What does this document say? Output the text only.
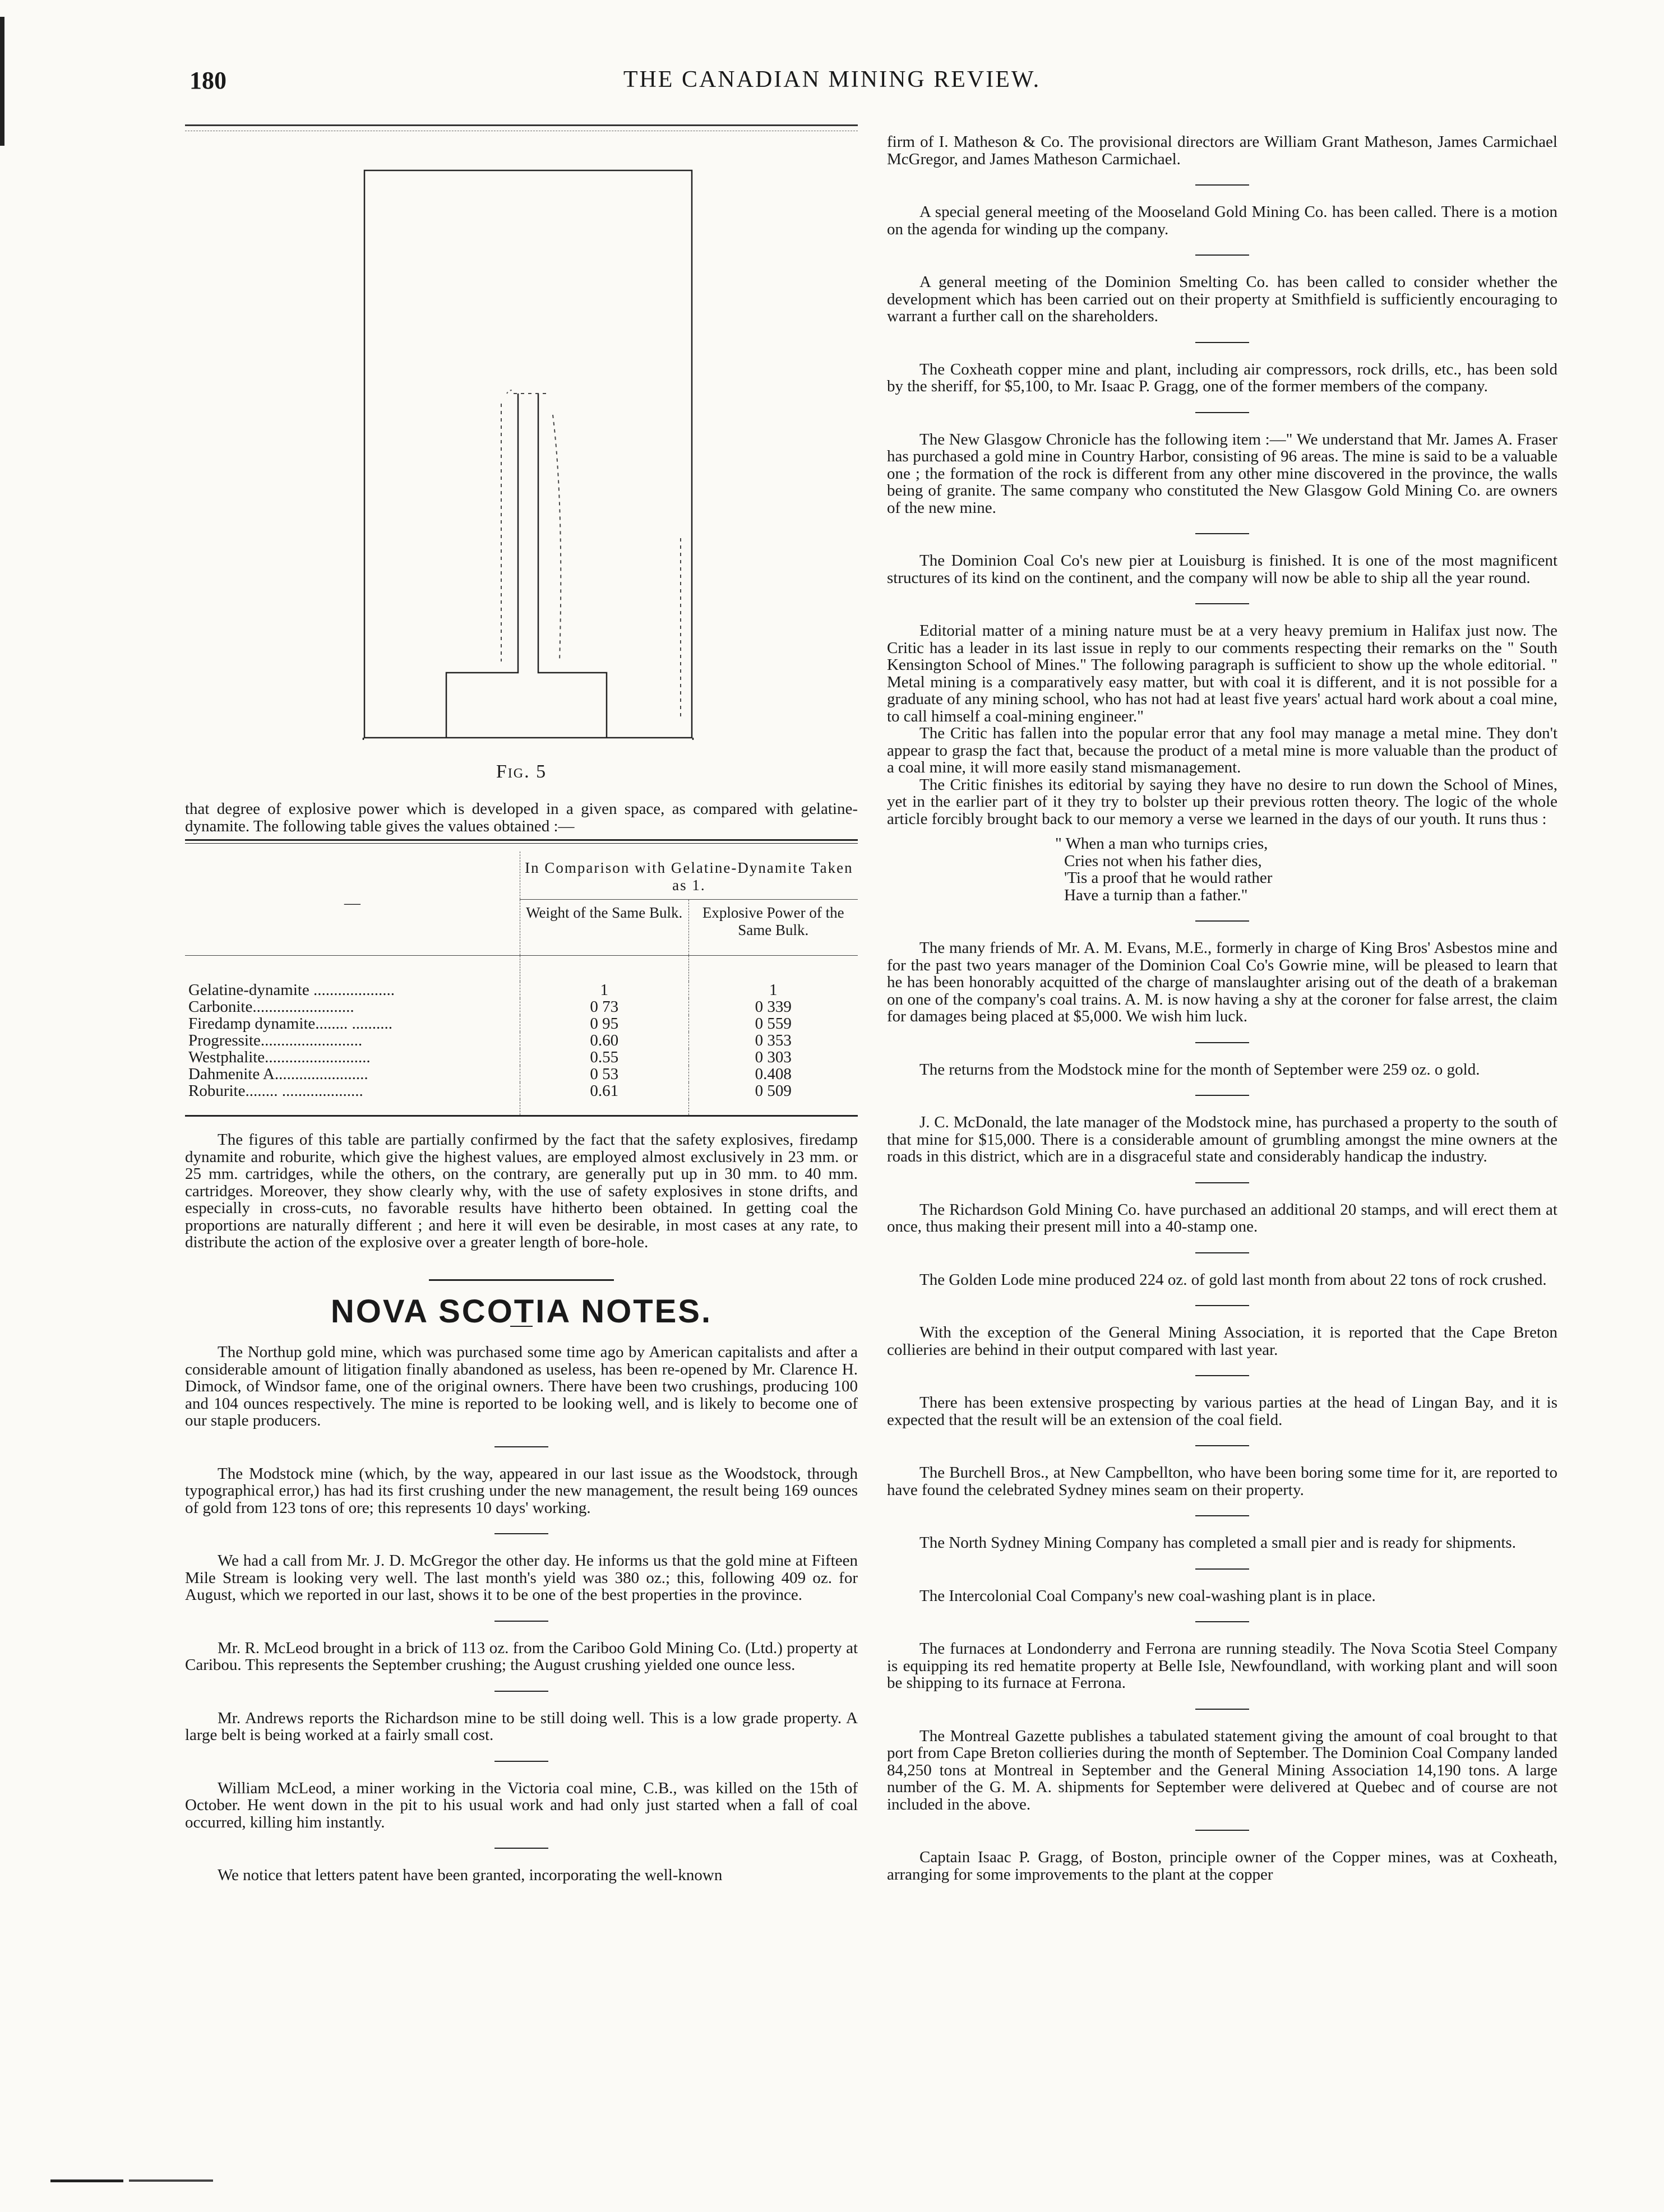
180	THE CANADIAN MINING REVIEW.
Fig. 5

that degree of explosive power which is developed in a given space, as compared with gelatine-dynamite. The following table gives the values obtained :—

—	In Comparison with Gelatine-Dynamite Taken as 1.	
	Weight of the Same Bulk.	Explosive Power of the Same Bulk.

Gelatine-dynamite ....................	1	1
Carbonite.........................	0 73	0 339
Firedamp dynamite........ ..........	0 95	0 559
Progressite.........................	0.60	0 353
Westphalite..........................	0.55	0 303
Dahmenite A.......................	0 53	0.408
Roburite........ ....................	0.61	0 509

The figures of this table are partially confirmed by the fact that the safety explosives, firedamp dynamite and roburite, which give the highest values, are employed almost exclusively in 23 mm. or 25 mm. cartridges, while the others, on the contrary, are generally put up in 30 mm. to 40 mm. cartridges. Moreover, they show clearly why, with the use of safety explosives in stone drifts, and especially in cross-cuts, no favorable results have hitherto been obtained. In getting coal the proportions are naturally different ; and here it will even be desirable, in most cases at any rate, to distribute the action of the explosive over a greater length of bore-hole.

NOVA SCOTIA NOTES.

The Northup gold mine, which was purchased some time ago by American capitalists and after a considerable amount of litigation finally abandoned as useless, has been re-opened by Mr. Clarence H. Dimock, of Windsor fame, one of the original owners. There have been two crushings, producing 100 and 104 ounces respectively. The mine is reported to be looking well, and is likely to become one of our staple producers.

The Modstock mine (which, by the way, appeared in our last issue as the Woodstock, through typographical error,) has had its first crushing under the new management, the result being 169 ounces of gold from 123 tons of ore; this represents 10 days' working.

We had a call from Mr. J. D. McGregor the other day. He informs us that the gold mine at Fifteen Mile Stream is looking very well. The last month's yield was 380 oz.; this, following 409 oz. for August, which we reported in our last, shows it to be one of the best properties in the province.

Mr. R. McLeod brought in a brick of 113 oz. from the Cariboo Gold Mining Co. (Ltd.) property at Caribou. This represents the September crushing; the August crushing yielded one ounce less.

Mr. Andrews reports the Richardson mine to be still doing well. This is a low grade property. A large belt is being worked at a fairly small cost.

William McLeod, a miner working in the Victoria coal mine, C.B., was killed on the 15th of October. He went down in the pit to his usual work and had only just started when a fall of coal occurred, killing him instantly.

We notice that letters patent have been granted, incorporating the well-known

firm of I. Matheson & Co. The provisional directors are William Grant Matheson, James Carmichael McGregor, and James Matheson Carmichael.

A special general meeting of the Mooseland Gold Mining Co. has been called. There is a motion on the agenda for winding up the company.

A general meeting of the Dominion Smelting Co. has been called to consider whether the development which has been carried out on their property at Smithfield is sufficiently encouraging to warrant a further call on the shareholders.

The Coxheath copper mine and plant, including air compressors, rock drills, etc., has been sold by the sheriff, for $5,100, to Mr. Isaac P. Gragg, one of the former members of the company.

The New Glasgow Chronicle has the following item :—" We understand that Mr. James A. Fraser has purchased a gold mine in Country Harbor, consisting of 96 areas. The mine is said to be a valuable one ; the formation of the rock is different from any other mine discovered in the province, the walls being of granite. The same company who constituted the New Glasgow Gold Mining Co. are owners of the new mine.

The Dominion Coal Co's new pier at Louisburg is finished. It is one of the most magnificent structures of its kind on the continent, and the company will now be able to ship all the year round.

Editorial matter of a mining nature must be at a very heavy premium in Halifax just now. The Critic has a leader in its last issue in reply to our comments respecting their remarks on the " South Kensington School of Mines." The following paragraph is sufficient to show up the whole editorial. " Metal mining is a comparatively easy matter, but with coal it is different, and it is not possible for a graduate of any mining school, who has not had at least five years' actual hard work about a coal mine, to call himself a coal-mining engineer."

The Critic has fallen into the popular error that any fool may manage a metal mine. They don't appear to grasp the fact that, because the product of a metal mine is more valuable than the product of a coal mine, it will more easily stand mismanagement.

The Critic finishes its editorial by saying they have no desire to run down the School of Mines, yet in the earlier part of it they try to bolster up their previous rotten theory. The logic of the whole article forcibly brought back to our memory a verse we learned in the days of our youth. It runs thus :

" When a man who turnips cries,
Cries not when his father dies,
'Tis a proof that he would rather
Have a turnip than a father."

The many friends of Mr. A. M. Evans, M.E., formerly in charge of King Bros' Asbestos mine and for the past two years manager of the Dominion Coal Co's Gowrie mine, will be pleased to learn that he has been honorably acquitted of the charge of manslaughter arising out of the death of a brakeman on one of the company's coal trains. A. M. is now having a shy at the coroner for false arrest, the claim for damages being placed at $5,000. We wish him luck.

The returns from the Modstock mine for the month of September were 259 oz. o gold.

J. C. McDonald, the late manager of the Modstock mine, has purchased a property to the south of that mine for $15,000. There is a considerable amount of grumbling amongst the mine owners at the roads in this district, which are in a disgraceful state and considerably handicap the industry.

The Richardson Gold Mining Co. have purchased an additional 20 stamps, and will erect them at once, thus making their present mill into a 40-stamp one.

The Golden Lode mine produced 224 oz. of gold last month from about 22 tons of rock crushed.

With the exception of the General Mining Association, it is reported that the Cape Breton collieries are behind in their output compared with last year.

There has been extensive prospecting by various parties at the head of Lingan Bay, and it is expected that the result will be an extension of the coal field.

The Burchell Bros., at New Campbellton, who have been boring some time for it, are reported to have found the celebrated Sydney mines seam on their property.

The North Sydney Mining Company has completed a small pier and is ready for shipments.

The Intercolonial Coal Company's new coal-washing plant is in place.

The furnaces at Londonderry and Ferrona are running steadily. The Nova Scotia Steel Company is equipping its red hematite property at Belle Isle, Newfoundland, with working plant and will soon be shipping to its furnace at Ferrona.

The Montreal Gazette publishes a tabulated statement giving the amount of coal brought to that port from Cape Breton collieries during the month of September. The Dominion Coal Company landed 84,250 tons at Montreal in September and the General Mining Association 14,190 tons. A large number of the G. M. A. shipments for September were delivered at Quebec and of course are not included in the above.

Captain Isaac P. Gragg, of Boston, principle owner of the Copper mines, was at Coxheath, arranging for some improvements to the plant at the copper
